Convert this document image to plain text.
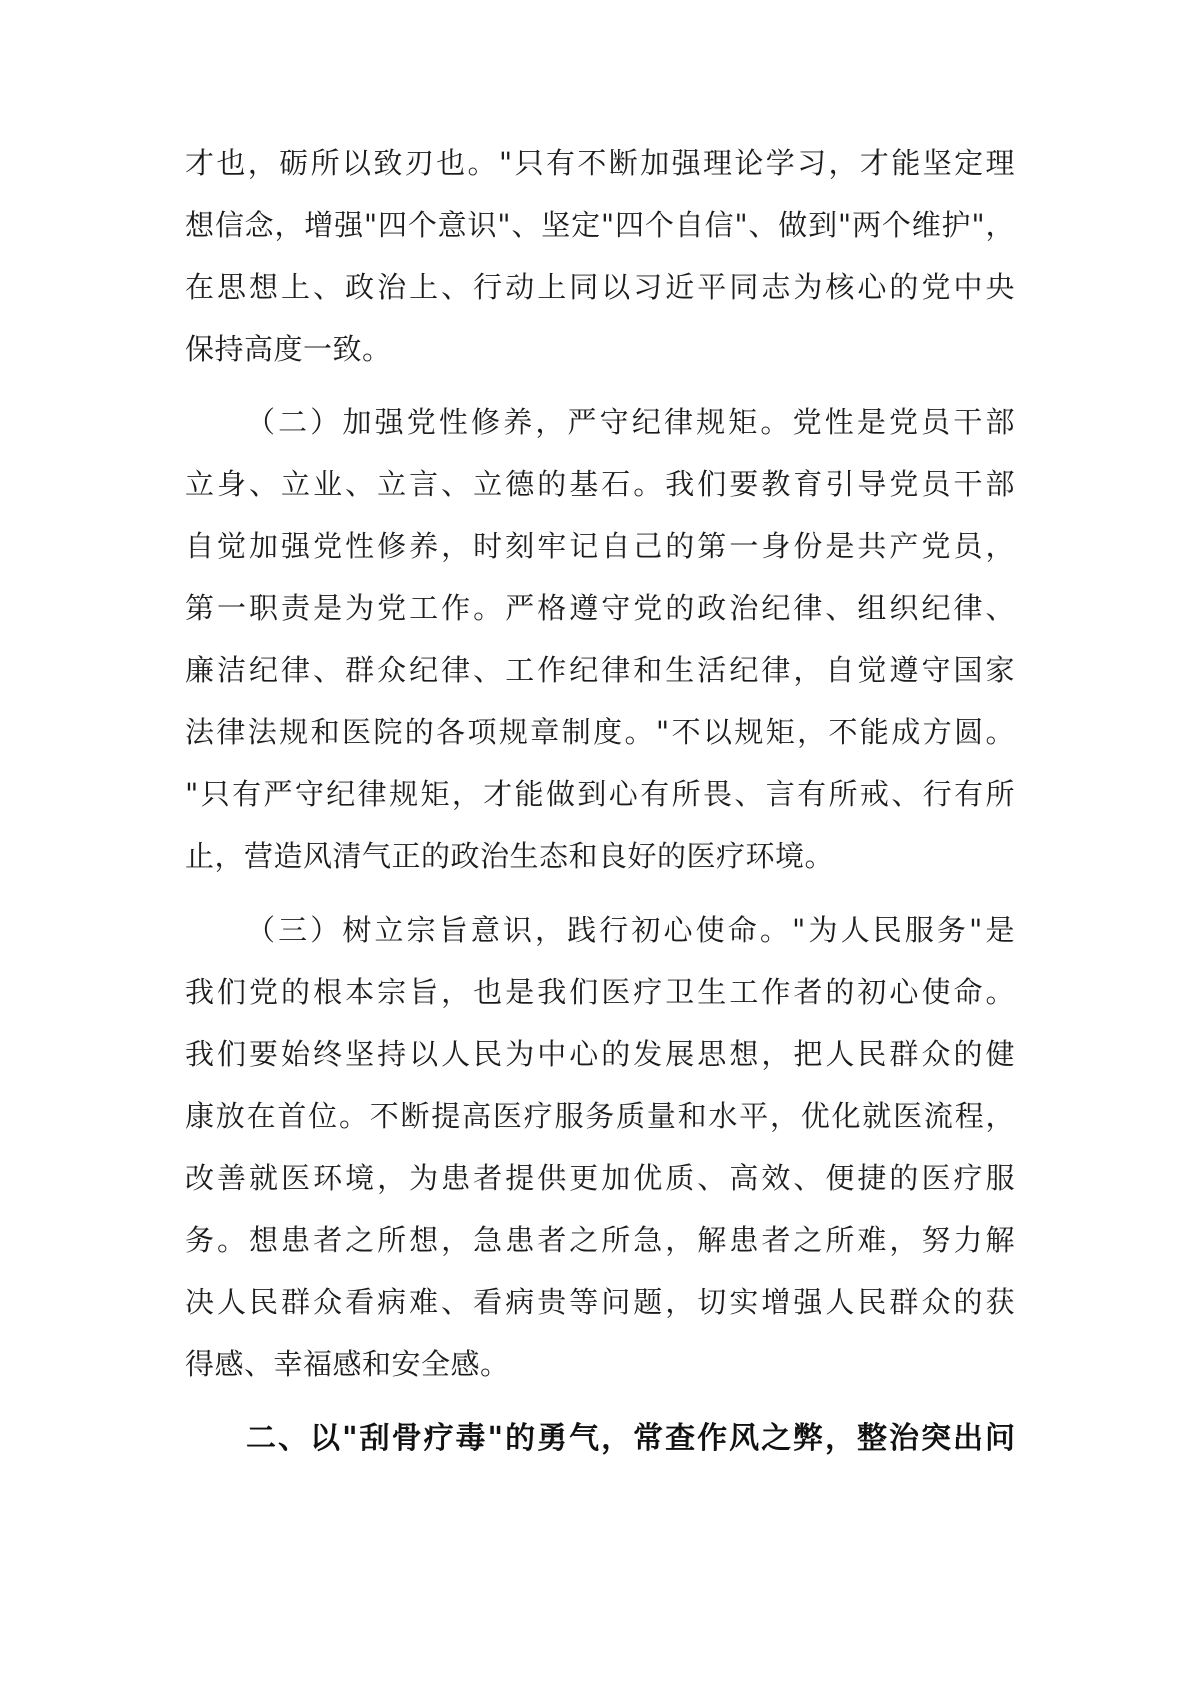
才也，砺所以致刃也。"只有不断加强理论学习，才能坚定理
想信念，增强"四个意识"、坚定"四个自信"、做到"两个维护"，
在思想上、政治上、行动上同以习近平同志为核心的党中央
保持高度一致。
（二）加强党性修养，严守纪律规矩。党性是党员干部
立身、立业、立言、立德的基石。我们要教育引导党员干部
自觉加强党性修养，时刻牢记自己的第一身份是共产党员，
第一职责是为党工作。严格遵守党的政治纪律、组织纪律、
廉洁纪律、群众纪律、工作纪律和生活纪律，自觉遵守国家
法律法规和医院的各项规章制度。"不以规矩，不能成方圆。
"只有严守纪律规矩，才能做到心有所畏、言有所戒、行有所
止，营造风清气正的政治生态和良好的医疗环境。
（三）树立宗旨意识，践行初心使命。"为人民服务"是
我们党的根本宗旨，也是我们医疗卫生工作者的初心使命。
我们要始终坚持以人民为中心的发展思想，把人民群众的健
康放在首位。不断提高医疗服务质量和水平，优化就医流程，
改善就医环境，为患者提供更加优质、高效、便捷的医疗服
务。想患者之所想，急患者之所急，解患者之所难，努力解
决人民群众看病难、看病贵等问题，切实增强人民群众的获
得感、幸福感和安全感。
二、以"刮骨疗毒"的勇气，常查作风之弊，整治突出问
